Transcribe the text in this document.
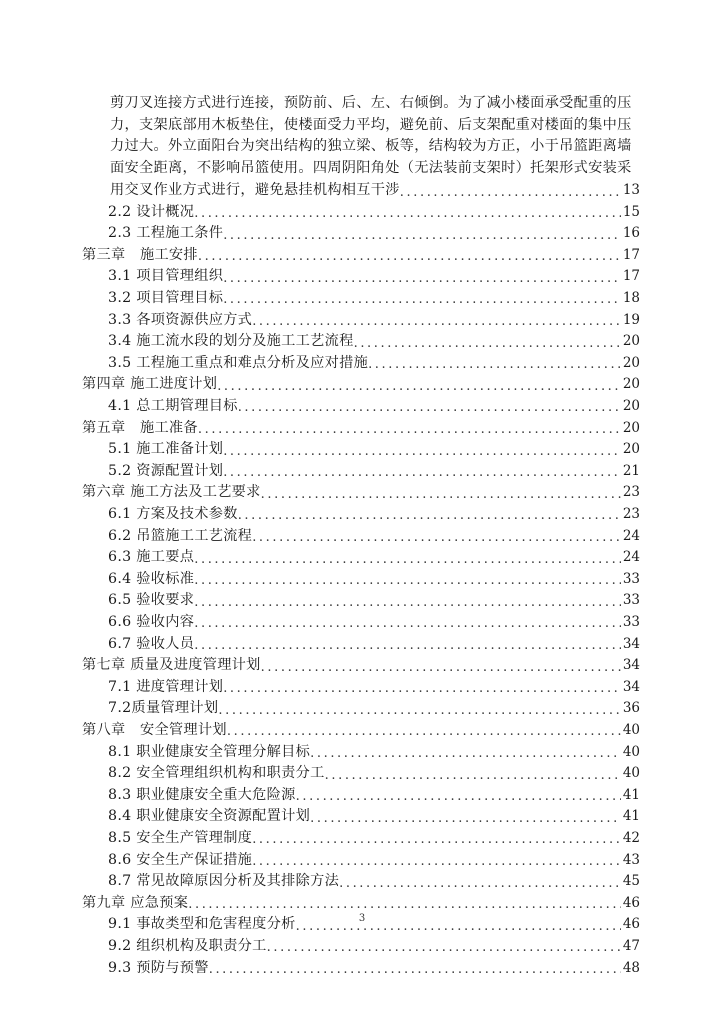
剪刀叉连接方式进行连接，预防前、后、左、右倾倒。为了减小楼面承受配重的压
力，支架底部用木板垫住，使楼面受力平均，避免前、后支架配重对楼面的集中压
力过大。外立面阳台为突出结构的独立梁、板等，结构较为方正，小于吊篮距离墙
面安全距离，不影响吊篮使用。四周阴阳角处（无法装前支架时）托架形式安装采
用交叉作业方式进行，避免悬挂机构相互干涉 .....	13
2.2 设计概况 .....	15
2.3 工程施工条件 .....	16
第三章　施工安排 .....	17
3.1 项目管理组织 .....	17
3.2 项目管理目标 .....	18
3.3 各项资源供应方式 .....	19
3.4 施工流水段的划分及施工工艺流程 .....	20
3.5 工程施工重点和难点分析及应对措施 .....	20
第四章 施工进度计划 .....	20
4.1 总工期管理目标 .....	20
第五章　施工准备 .....	20
5.1 施工准备计划 .....	20
5.2 资源配置计划 .....	21
第六章 施工方法及工艺要求 .....	23
6.1 方案及技术参数 .....	23
6.2 吊篮施工工艺流程 .....	24
6.3 施工要点 .....	24
6.4 验收标准 .....	33
6.5 验收要求 .....	33
6.6 验收内容 .....	33
6.7 验收人员 .....	34
第七章 质量及进度管理计划 .....	34
7.1 进度管理计划 .....	34
7.2质量管理计划 .....	36
第八章　安全管理计划 .....	40
8.1 职业健康安全管理分解目标 .....	40
8.2 安全管理组织机构和职责分工 .....	40
8.3 职业健康安全重大危险源 .....	41
8.4 职业健康安全资源配置计划 .....	41
8.5 安全生产管理制度 .....	42
8.6 安全生产保证措施 .....	43
8.7 常见故障原因分析及其排除方法 .....	45
第九章 应急预案 .....	46
9.1 事故类型和危害程度分析 .....	46
9.2 组织机构及职责分工 .....	47
9.3 预防与预警 .....	48
3
